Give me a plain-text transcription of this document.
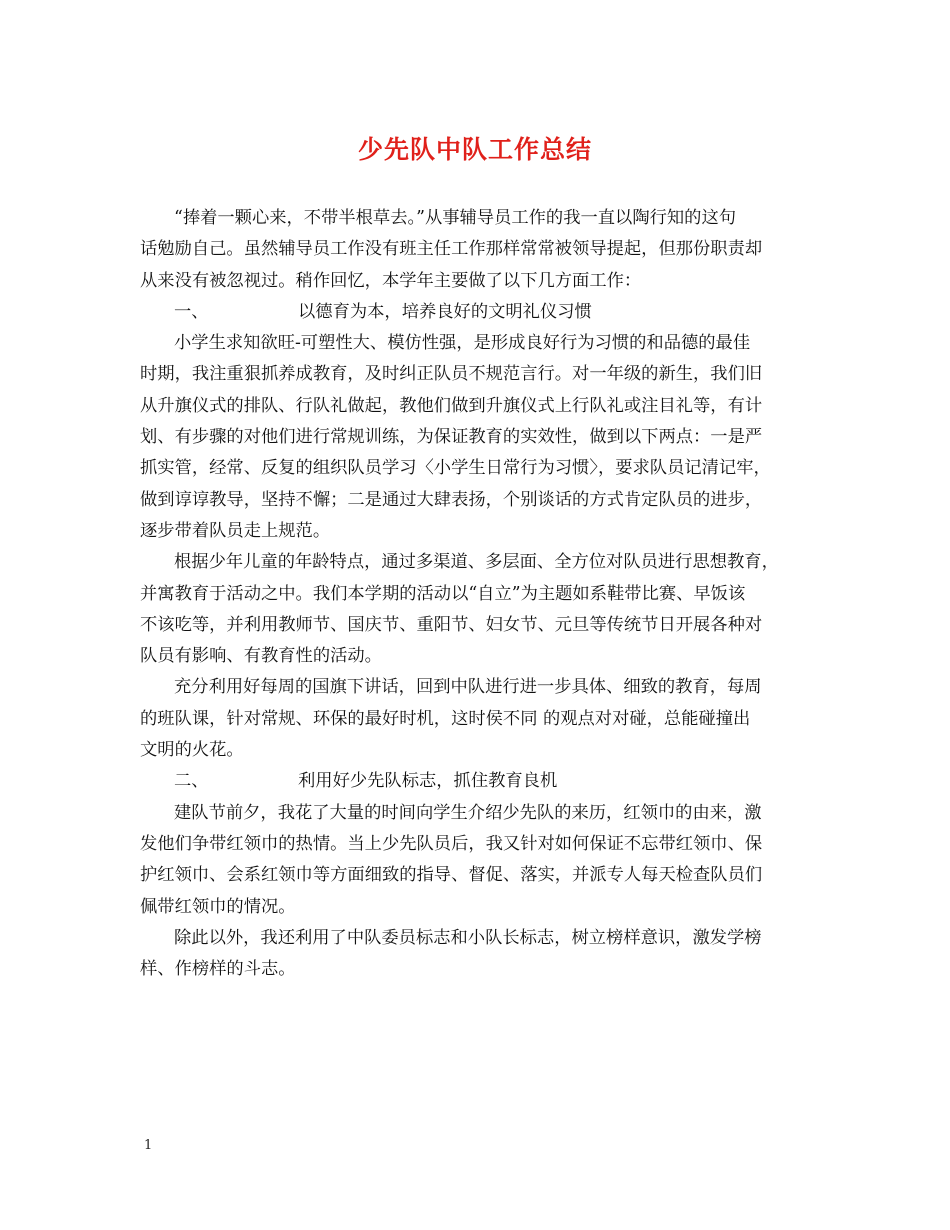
少先队中队工作总结

“捧着一颗心来，不带半根草去。”从事辅导员工作的我一直以陶行知的这句
话勉励自己。虽然辅导员工作没有班主任工作那样常常被领导提起，但那份职责却
从来没有被忽视过。稍作回忆，本学年主要做了以下几方面工作：

一、	以德育为本，培养良好的文明礼仪习惯

小学生求知欲旺-可塑性大、模仿性强，是形成良好行为习惯的和品德的最佳
时期，我注重狠抓养成教育，及时纠正队员不规范言行。对一年级的新生，我们旧
从升旗仪式的排队、行队礼做起，教他们做到升旗仪式上行队礼或注目礼等，有计
划、有步骤的对他们进行常规训练，为保证教育的实效性，做到以下两点：一是严
抓实管，经常、反复的组织队员学习〈小学生日常行为习惯〉，要求队员记清记牢，
做到谆谆教导，坚持不懈；二是通过大肆表扬，个别谈话的方式肯定队员的进步，
逐步带着队员走上规范。

根据少年儿童的年龄特点，通过多渠道、多层面、全方位对队员进行思想教育，
并寓教育于活动之中。我们本学期的活动以“自立”为主题如系鞋带比赛、早饭该
不该吃等，并利用教师节、国庆节、重阳节、妇女节、元旦等传统节日开展各种对
队员有影响、有教育性的活动。

充分利用好每周的国旗下讲话，回到中队进行进一步具体、细致的教育，每周
的班队课，针对常规、环保的最好时机，这时侯不同 的观点对对碰，总能碰撞出
文明的火花。

二、	利用好少先队标志，抓住教育良机

建队节前夕，我花了大量的时间向学生介绍少先队的来历，红领巾的由来，激
发他们争带红领巾的热情。当上少先队员后，我又针对如何保证不忘带红领巾、保
护红领巾、会系红领巾等方面细致的指导、督促、落实，并派专人每天检查队员们
佩带红领巾的情况。

除此以外，我还利用了中队委员标志和小队长标志，树立榜样意识，激发学榜
样、作榜样的斗志。

1
